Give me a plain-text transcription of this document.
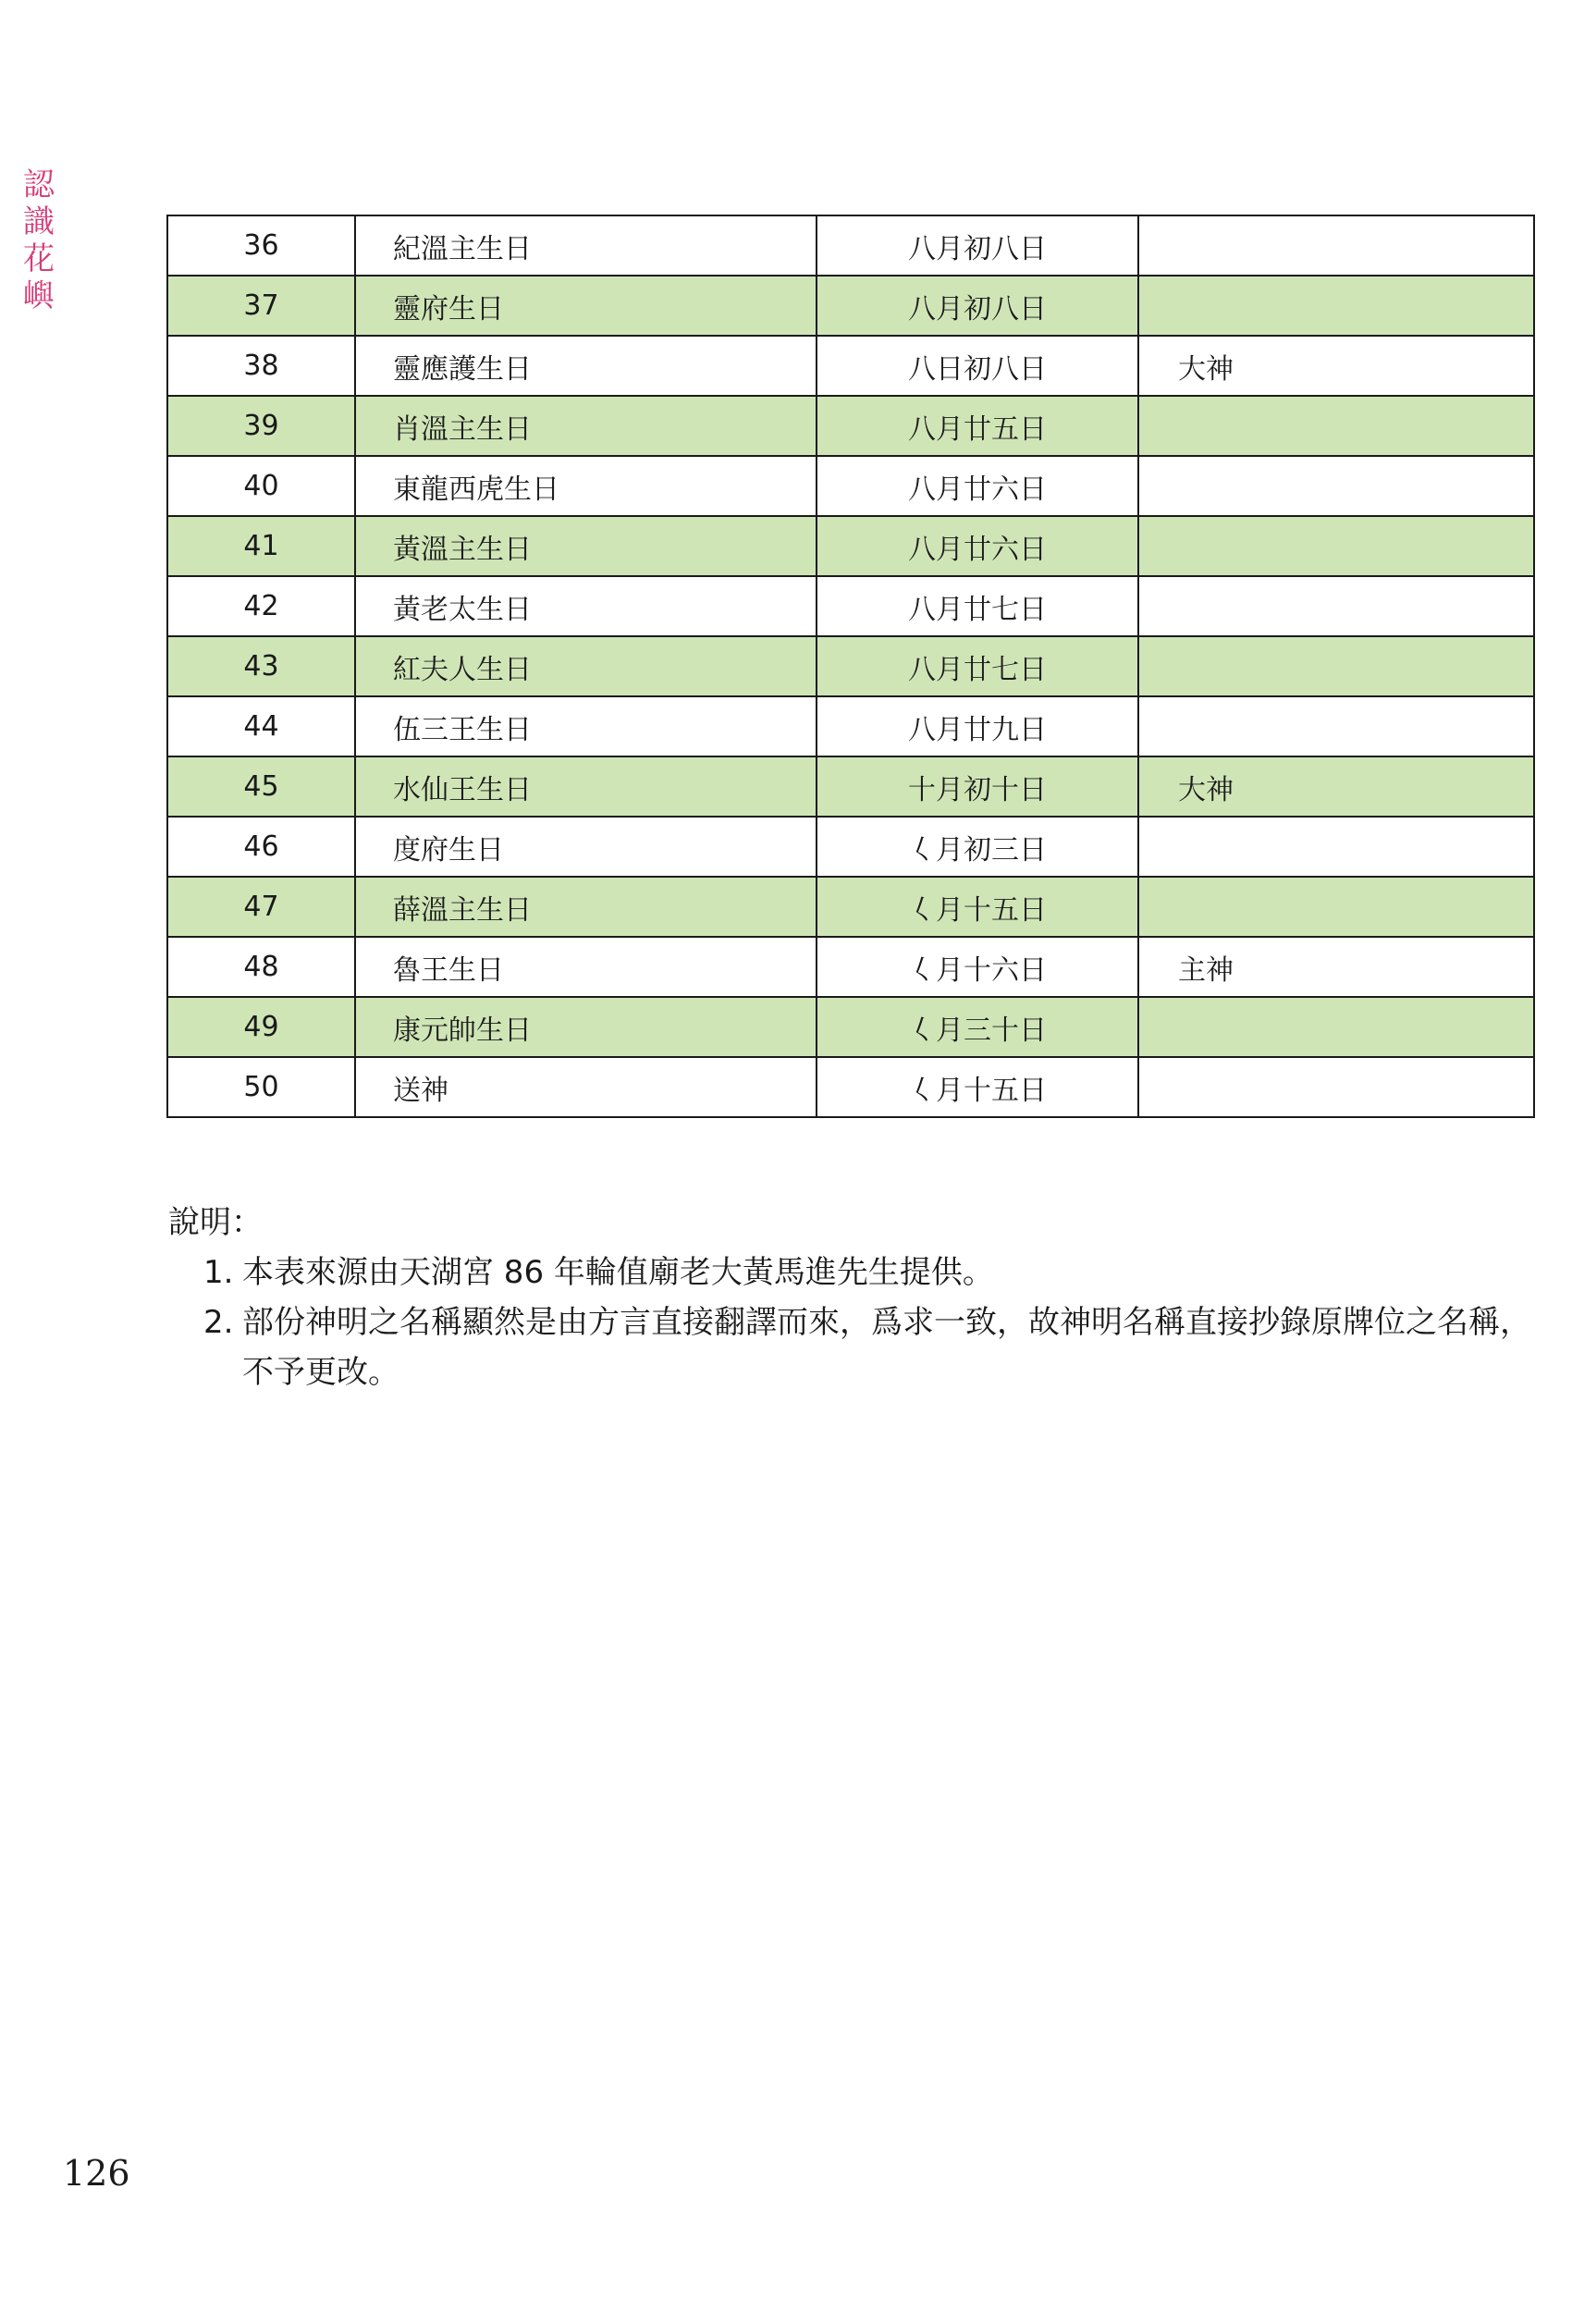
認
識
花
嶼
36	紀溫主生日	八月初八日	
37	靈府生日	八月初八日	
38	靈應護生日	八日初八日	大神
39	肖溫主生日	八月廿五日	
40	東龍西虎生日	八月廿六日	
41	黃溫主生日	八月廿六日	
42	黃老太生日	八月廿七日	
43	紅夫人生日	八月廿七日	
44	伍三王生日	八月廿九日	
45	水仙王生日	十月初十日	大神
46	度府生日	𡿨月初三日	
47	薛溫主生日	𡿨月十五日	
48	魯王生日	𡿨月十六日	主神
49	康元帥生日	𡿨月三十日	
50	送神	𡿨月十五日	
說明：
1. 本表來源由天湖宮 86 年輪值廟老大黃馬進先生提供。
2. 部份神明之名稱顯然是由方言直接翻譯而來，爲求一致，故神明名稱直接抄錄原牌位之名稱，不予更改。
126
